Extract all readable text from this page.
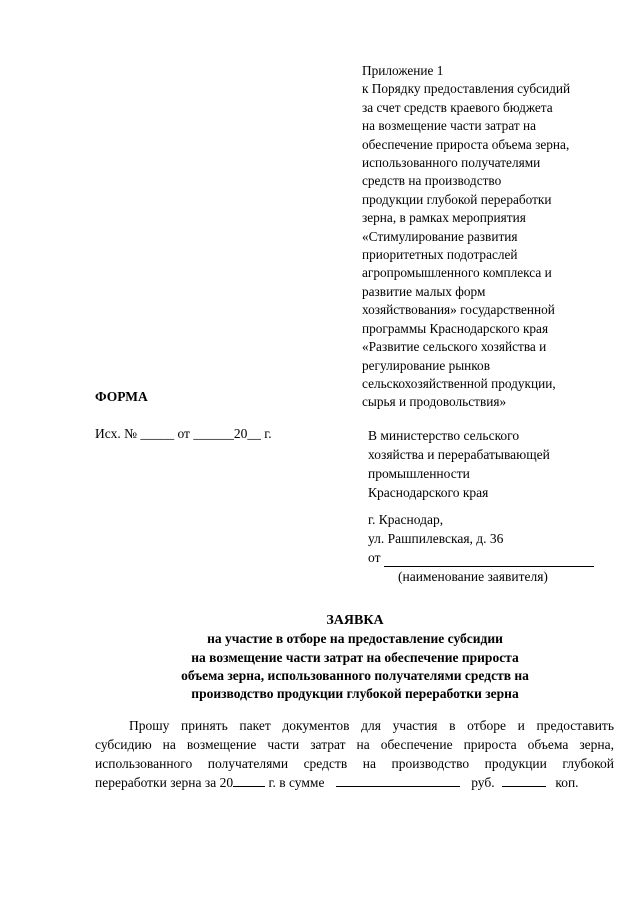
Приложение 1
к Порядку предоставления субсидий
за счет средств краевого бюджета
на возмещение части затрат на
обеспечение прироста объема зерна,
использованного получателями
средств на производство
продукции глубокой переработки
зерна, в рамках мероприятия
«Стимулирование развития
приоритетных подотраслей
агропромышленного комплекса и
развитие малых форм
хозяйствования» государственной
программы Краснодарского края
«Развитие сельского хозяйства и
регулирование рынков
сельскохозяйственной продукции,
сырья и продовольствия»
ФОРМА
Исх. № _____ от ______20__ г.	В министерство сельского
хозяйства и перерабатывающей
промышленности
Краснодарского края
г. Краснодар,
ул. Рашпилевская, д. 36
от
(наименование заявителя)
ЗАЯВКА
на участие в отборе на предоставление субсидии
на возмещение части затрат на обеспечение прироста
объема зерна, использованного получателями средств на
производство продукции глубокой переработки зерна
Прошу принять пакет документов для участия в отборе и предоставить
субсидию на возмещение части затрат на обеспечение прироста объема зерна,
использованного получателями средств на производство продукции глубокой
переработки зерна за 20	г. в сумме	руб.	коп.
